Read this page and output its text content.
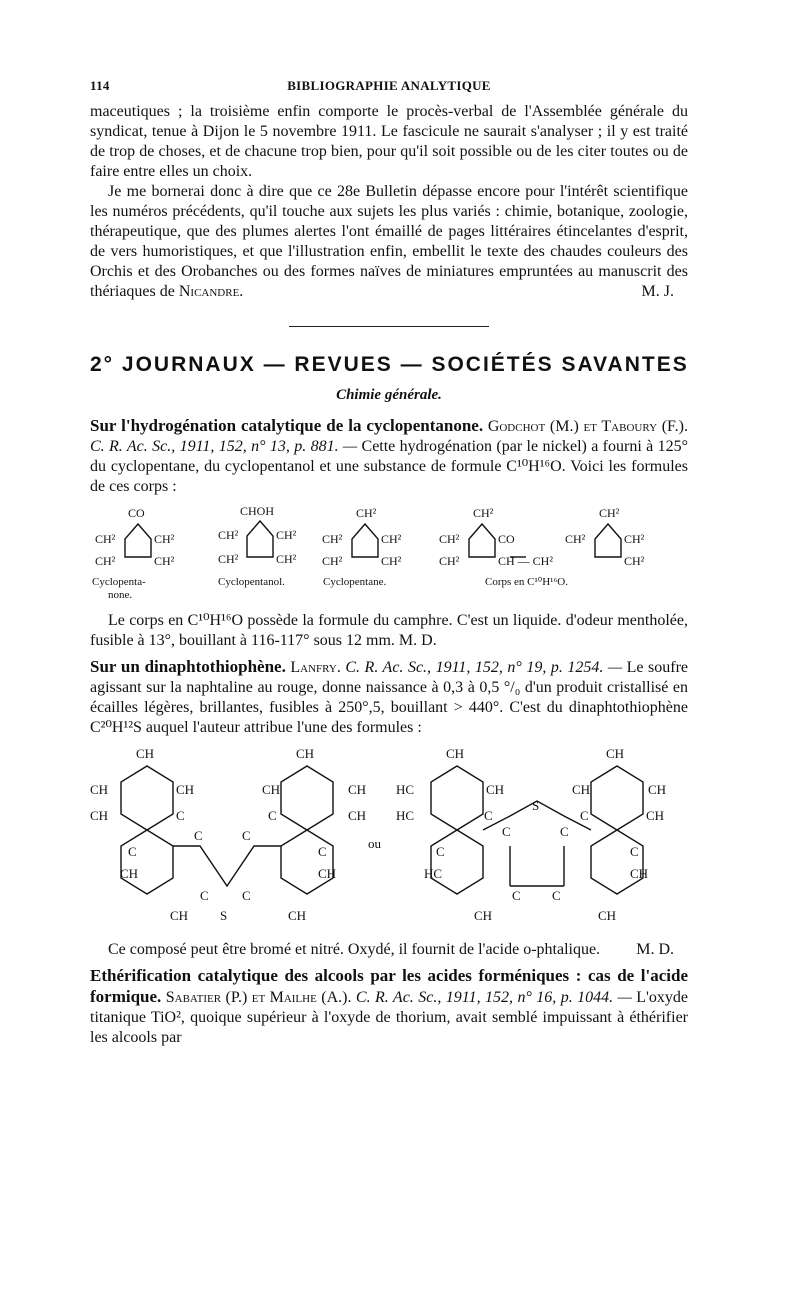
114	BIBLIOGRAPHIE ANALYTIQUE

maceutiques ; la troisième enfin comporte le procès-verbal de l'Assemblée générale du syndicat, tenue à Dijon le 5 novembre 1911. Le fascicule ne saurait s'analyser ; il y est traité de trop de choses, et de chacune trop bien, pour qu'il soit possible ou de les citer toutes ou de faire entre elles un choix.

Je me bornerai donc à dire que ce 28e Bulletin dépasse encore pour l'intérêt scientifique les numéros précédents, qu'il touche aux sujets les plus variés : chimie, botanique, zoologie, thérapeutique, que des plumes alertes l'ont émaillé de pages littéraires étincelantes d'esprit, de vers humoristiques, et que l'illustration enfin, embellit le texte des chaudes couleurs des Orchis et des Orobanches ou des formes naïves de miniatures empruntées au manuscrit des thériaques de Nicandre.	M. J.

2° JOURNAUX — REVUES — SOCIÉTÉS SAVANTES
Chimie générale.

Sur l'hydrogénation catalytique de la cyclopentanone. Godchot (M.) et Taboury (F.). C. R. Ac. Sc., 1911, 152, n° 13, p. 881. — Cette hydrogénation (par le nickel) a fourni à 125° du cyclopentane, du cyclopentanol et une substance de formule C¹⁰H¹⁶O. Voici les formules de ces corps :

CO
CH²	CH²
CH²	CH²
CHOH
CH²	CH²
CH²	CH²
CH²
CH²	CH²
CH²	CH²
CH²
CH²	CO
CH²	CH — CH²
CH²
CH²	CH²
CH²
Cyclopenta-
none.
Cyclopentanol.	Cyclopentane.	Corps en C¹⁰H¹⁶O.

Le corps en C¹⁰H¹⁶O possède la formule du camphre. C'est un liquide. d'odeur mentholée, fusible à 13°, bouillant à 116-117° sous 12 mm. M. D.

Sur un dinaphtothiophène. Lanfry. C. R. Ac. Sc., 1911, 152, n° 19, p. 1254. — Le soufre agissant sur la naphtaline au rouge, donne naissance à 0,3 à 0,5 °/₀ d'un produit cristallisé en écailles légères, brillantes, fusibles à 250°,5, bouillant > 440°. C'est du dinaphtothiophène C²⁰H¹²S auquel l'auteur attribue l'une des formules :

CH
CH	CH
CH	C
C	C
C
CH
C	C
CH S	CH
CH
CH	CH
C	CH
C
CH
ou
CH
HC	CH
HC	C
C
S
C
C
HC
C C
CH	CH
CH
CH	CH
C	CH
C
CH

Ce composé peut être bromé et nitré. Oxydé, il fournit de l'acide o-phtalique.	M. D.

Ethérification catalytique des alcools par les acides forméniques : cas de l'acide formique. Sabatier (P.) et Mailhe (A.). C. R. Ac. Sc., 1911, 152, n° 16, p. 1044. — L'oxyde titanique TiO², quoique supérieur à l'oxyde de thorium, avait semblé impuissant à éthérifier les alcools par
